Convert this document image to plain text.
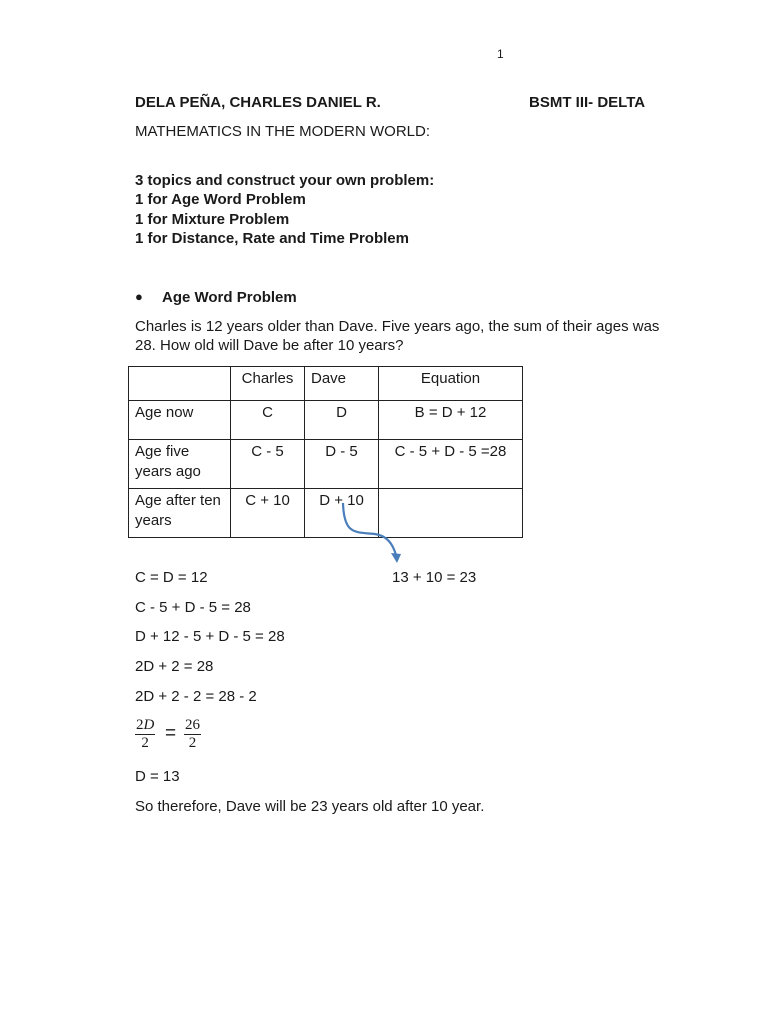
1
DELA PEÑA, CHARLES DANIEL R.	BSMT III- DELTA
MATHEMATICS IN THE MODERN WORLD:
3 topics and construct your own problem:
1 for Age Word Problem
1 for Mixture Problem
1 for Distance, Rate and Time Problem
● Age Word Problem
Charles is 12 years older than Dave. Five years ago, the sum of their ages was
28. How old will Dave be after 10 years?
	Charles	Dave	Equation
Age now	C	D	B = D + 12
Age five
years ago	C - 5	D - 5	C - 5 + D - 5 =28
Age after ten
years	C + 10	D + 10	
13 + 10 = 23
C = D = 12
C - 5 + D - 5 = 28
D + 12 - 5 + D - 5 = 28
2D + 2 = 28
2D + 2 - 2 = 28 - 2
$\frac{2D}{2} = \frac{26}{2}$
D = 13
So therefore, Dave will be 23 years old after 10 year.
